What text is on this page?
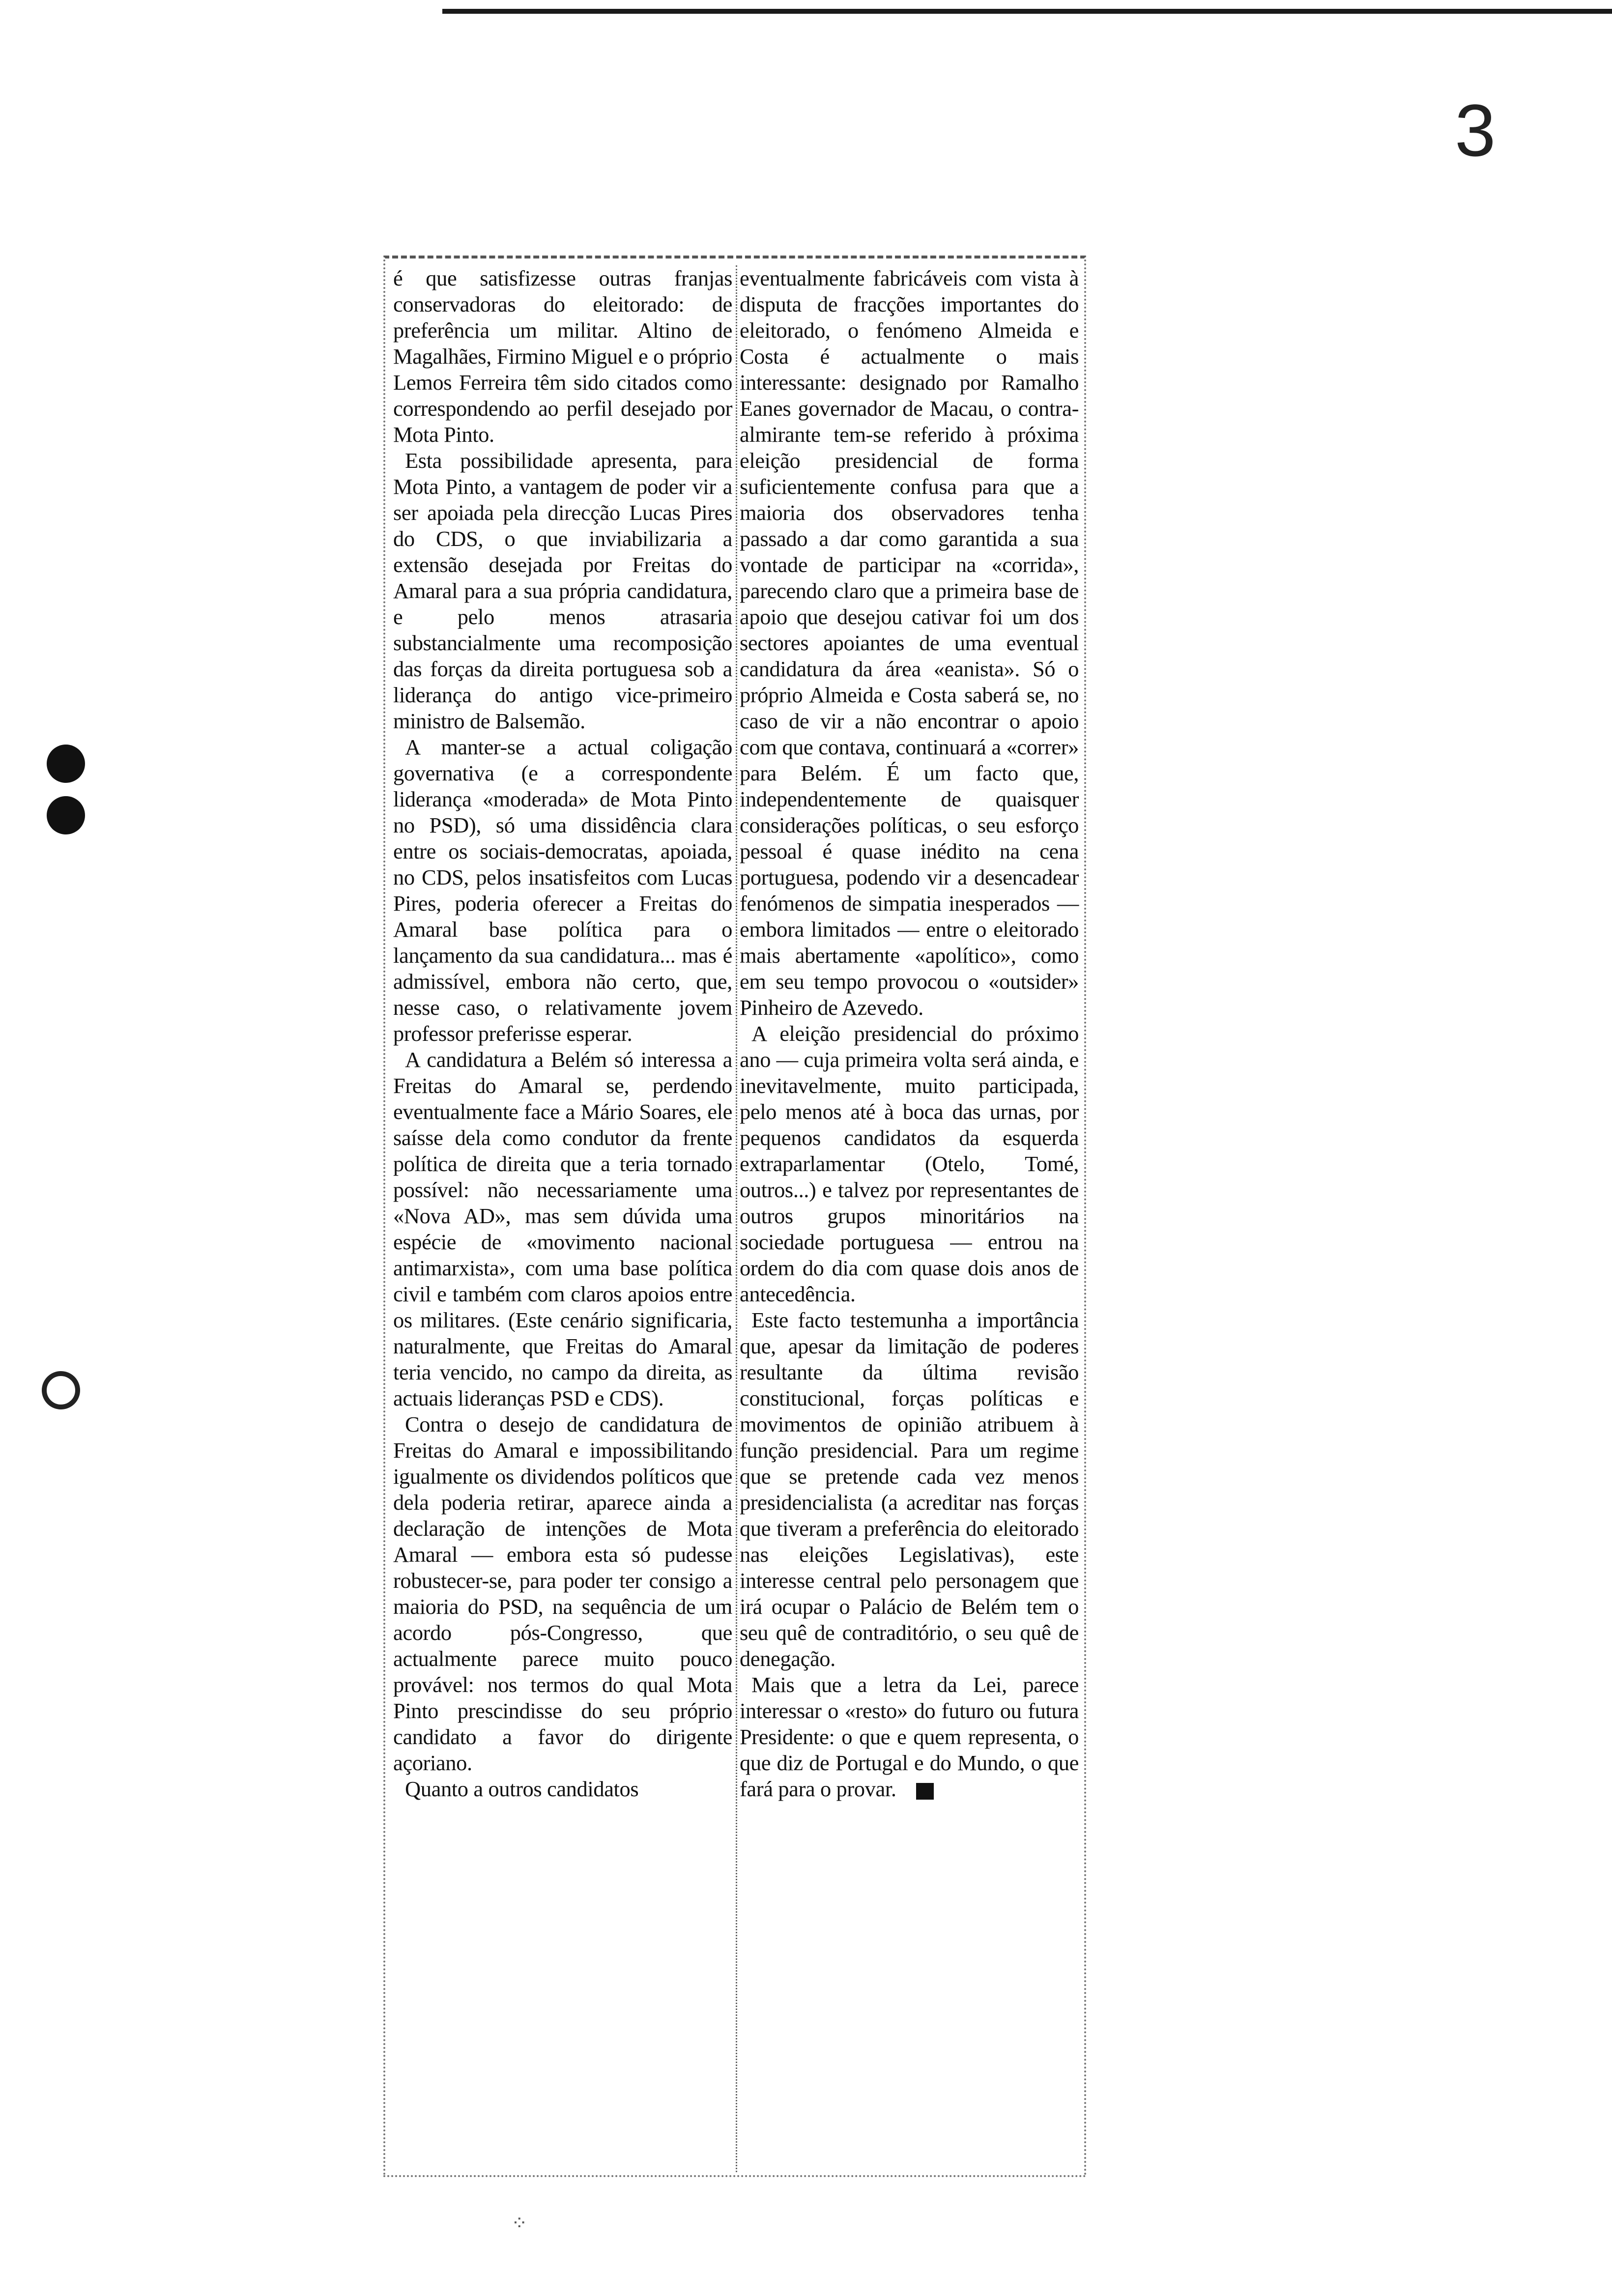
3

é que satisfizesse outras franjas conservadoras do eleitorado: de preferência um militar. Altino de Magalhães, Firmino Miguel e o próprio Lemos Ferreira têm sido citados como correspondendo ao perfil desejado por Mota Pinto.

Esta possibilidade apresenta, para Mota Pinto, a vantagem de poder vir a ser apoiada pela direcção Lucas Pires do CDS, o que inviabilizaria a extensão desejada por Freitas do Amaral para a sua própria candidatura, e pelo menos atrasaria substancialmente uma recomposição das forças da direita portuguesa sob a liderança do antigo vice-primeiro ministro de Balsemão.

A manter-se a actual coligação governativa (e a correspondente liderança «moderada» de Mota Pinto no PSD), só uma dissidência clara entre os sociais-democratas, apoiada, no CDS, pelos insatisfeitos com Lucas Pires, poderia oferecer a Freitas do Amaral base política para o lançamento da sua candidatura... mas é admissível, embora não certo, que, nesse caso, o relativamente jovem professor preferisse esperar.

A candidatura a Belém só interessa a Freitas do Amaral se, perdendo eventualmente face a Mário Soares, ele saísse dela como condutor da frente política de direita que a teria tornado possível: não necessariamente uma «Nova AD», mas sem dúvida uma espécie de «movimento nacional antimarxista», com uma base política civil e também com claros apoios entre os militares. (Este cenário significaria, naturalmente, que Freitas do Amaral teria vencido, no campo da direita, as actuais lideranças PSD e CDS).

Contra o desejo de candidatura de Freitas do Amaral e impossibilitando igualmente os dividendos políticos que dela poderia retirar, aparece ainda a declaração de intenções de Mota Amaral — embora esta só pudesse robustecer-se, para poder ter consigo a maioria do PSD, na sequência de um acordo pós-Congresso, que actualmente parece muito pouco provável: nos termos do qual Mota Pinto prescindisse do seu próprio candidato a favor do dirigente açoriano.

Quanto a outros candidatos

eventualmente fabricáveis com vista à disputa de fracções importantes do eleitorado, o fenómeno Almeida e Costa é actualmente o mais interessante: designado por Ramalho Eanes governador de Macau, o contra-almirante tem-se referido à próxima eleição presidencial de forma suficientemente confusa para que a maioria dos observadores tenha passado a dar como garantida a sua vontade de participar na «corrida», parecendo claro que a primeira base de apoio que desejou cativar foi um dos sectores apoiantes de uma eventual candidatura da área «eanista». Só o próprio Almeida e Costa saberá se, no caso de vir a não encontrar o apoio com que contava, continuará a «correr» para Belém. É um facto que, independentemente de quaisquer considerações políticas, o seu esforço pessoal é quase inédito na cena portuguesa, podendo vir a desencadear fenómenos de simpatia inesperados — embora limitados — entre o eleitorado mais abertamente «apolítico», como em seu tempo provocou o «outsider» Pinheiro de Azevedo.

A eleição presidencial do próximo ano — cuja primeira volta será ainda, e inevitavelmente, muito participada, pelo menos até à boca das urnas, por pequenos candidatos da esquerda extraparlamentar (Otelo, Tomé, outros...) e talvez por representantes de outros grupos minoritários na sociedade portuguesa — entrou na ordem do dia com quase dois anos de antecedência.

Este facto testemunha a importância que, apesar da limitação de poderes resultante da última revisão constitucional, forças políticas e movimentos de opinião atribuem à função presidencial. Para um regime que se pretende cada vez menos presidencialista (a acreditar nas forças que tiveram a preferência do eleitorado nas eleições Legislativas), este interesse central pelo personagem que irá ocupar o Palácio de Belém tem o seu quê de contraditório, o seu quê de denegação.

Mais que a letra da Lei, parece interessar o «resto» do futuro ou futura Presidente: o que e quem representa, o que diz de Portugal e do Mundo, o que fará para o provar.

⁘
